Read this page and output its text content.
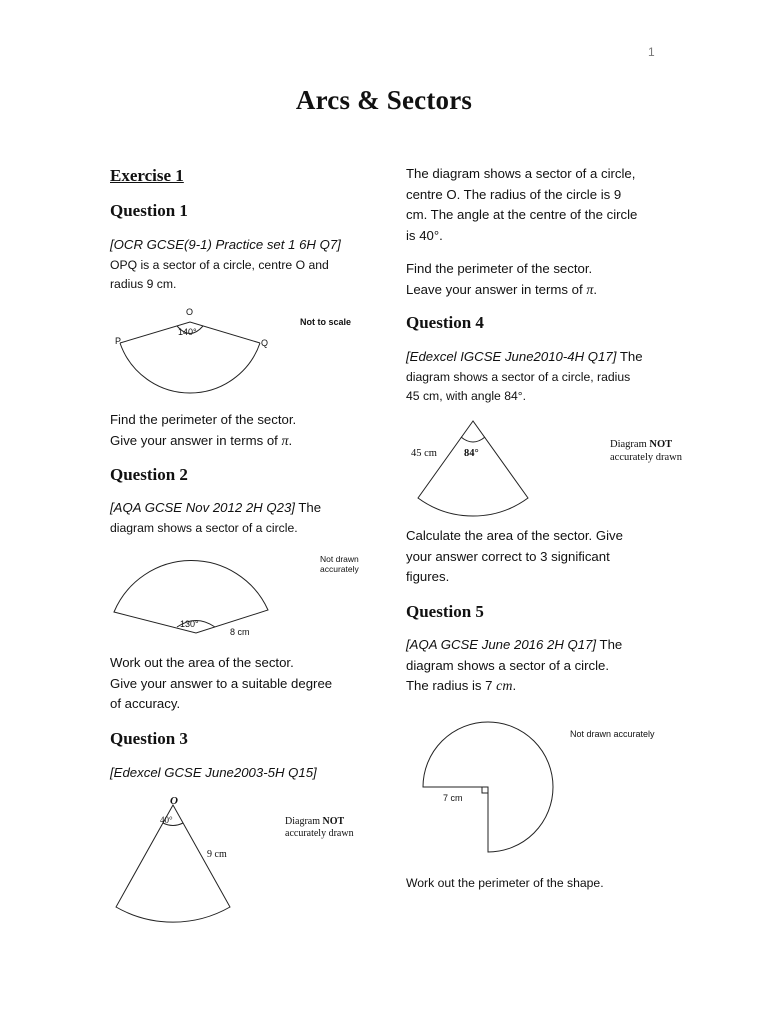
1
Arcs & Sectors
Exercise 1
Question 1
[OCR GCSE(9-1) Practice set 1 6H Q7]
OPQ is a sector of a circle, centre O and
radius 9 cm.
O
P	Q
140°
Not to scale
Find the perimeter of the sector.
Give your answer in terms of π.
Question 2
[AQA GCSE Nov 2012 2H Q23] The
diagram shows a sector of a circle.
130°
8 cm
Not drawn
accurately
Work out the area of the sector.
Give your answer to a suitable degree
of accuracy.
Question 3
[Edexcel GCSE June2003-5H Q15]
O
40°
9 cm
Diagram NOT
accurately drawn
The diagram shows a sector of a circle,
centre O. The radius of the circle is 9
cm. The angle at the centre of the circle
is 40°.
Find the perimeter of the sector.
Leave your answer in terms of π.
Question 4
[Edexcel IGCSE June2010-4H Q17] The
diagram shows a sector of a circle, radius
45 cm, with angle 84°.
45 cm	84°
Diagram NOT
accurately drawn
Calculate the area of the sector. Give
your answer correct to 3 significant
figures.
Question 5
[AQA GCSE June 2016 2H Q17] The
diagram shows a sector of a circle.
The radius is 7 cm.
7 cm
Not drawn accurately
Work out the perimeter of the shape.
